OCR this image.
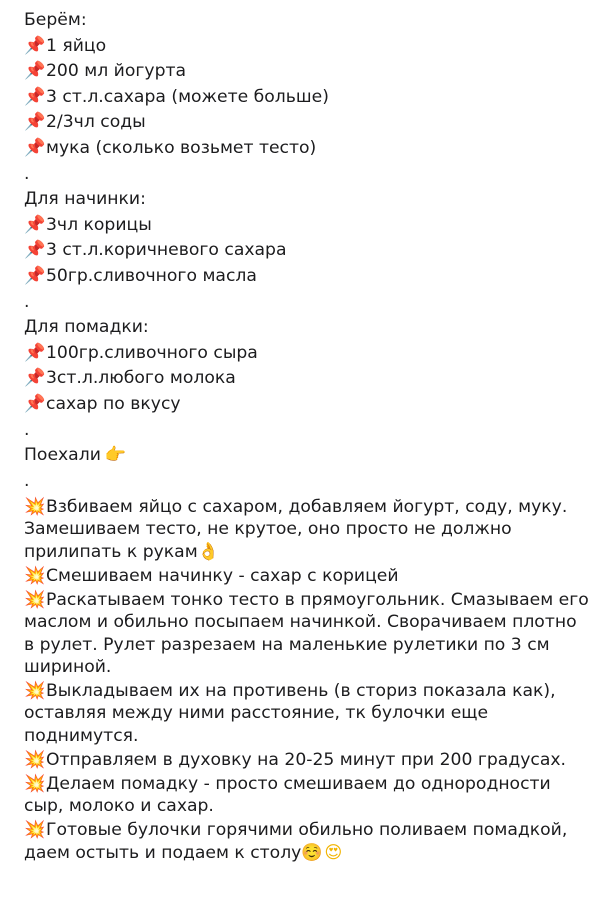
Берём:
📌1 яйцо
📌200 мл йогурта
📌3 ст.л.сахара (можете больше)
📌2/3чл соды
📌мука (сколько возьмет тесто)
.
Для начинки:
📌3чл корицы
📌3 ст.л.коричневого сахара
📌50гр.сливочного масла
.
Для помадки:
📌100гр.сливочного сыра
📌3ст.л.любого молока
📌сахар по вкусу
.
Поехали 👉
.
💥Взбиваем яйцо с сахаром, добавляем йогурт, соду, муку. Замешиваем тесто, не крутое, оно просто не должно прилипать к рукам👌
💥Смешиваем начинку - сахар с корицей
💥Раскатываем тонко тесто в прямоугольник. Смазываем его маслом и обильно посыпаем начинкой. Сворачиваем плотно в рулет. Рулет разрезаем на маленькие рулетики по 3 см шириной.
💥Выкладываем их на противень (в сториз показала как), оставляя между ними расстояние, тк булочки еще поднимутся.
💥Отправляем в духовку на 20-25 минут при 200 градусах.
💥Делаем помадку - просто смешиваем до однородности сыр, молоко и сахар.
💥Готовые булочки горячими обильно поливаем помадкой, даем остыть и подаем к столу☺️😍
